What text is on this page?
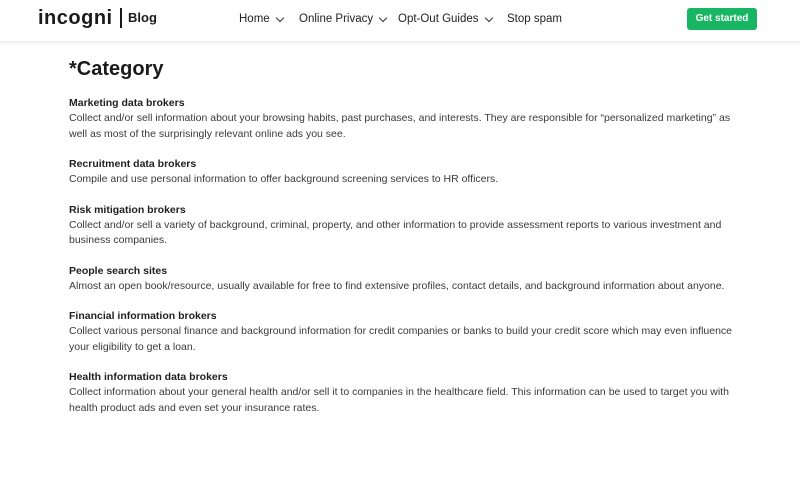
incogni Blog	Home	Online Privacy Opt-Out Guides Stop spam	Get started
*Category
Marketing data brokers
Collect and/or sell information about your browsing habits, past purchases, and interests. They are responsible for “personalized marketing” as well as most of the surprisingly relevant online ads you see.
Recruitment data brokers
Compile and use personal information to offer background screening services to HR officers.
Risk mitigation brokers
Collect and/or sell a variety of background, criminal, property, and other information to provide assessment reports to various investment and business companies.
People search sites
Almost an open book/resource, usually available for free to find extensive profiles, contact details, and background information about anyone.
Financial information brokers
Collect various personal finance and background information for credit companies or banks to build your credit score which may even influence your eligibility to get a loan.
Health information data brokers
Collect information about your general health and/or sell it to companies in the healthcare field. This information can be used to target you with health product ads and even set your insurance rates.
